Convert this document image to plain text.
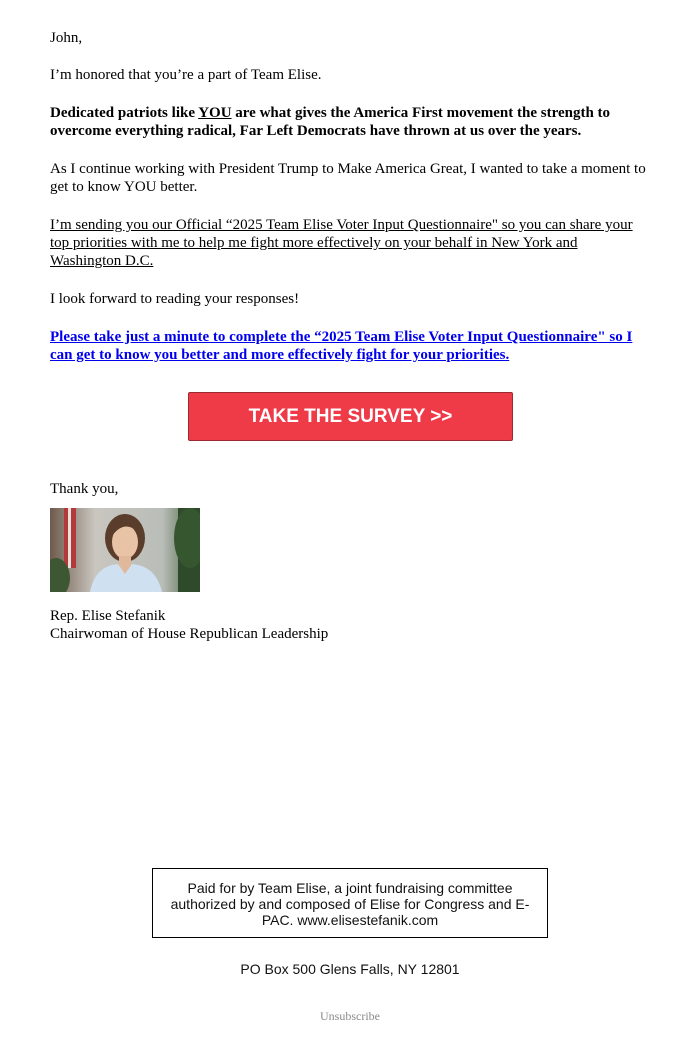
John,

I’m honored that you’re a part of Team Elise.

Dedicated patriots like YOU are what gives the America First movement the strength to overcome everything radical, Far Left Democrats have thrown at us over the years.

As I continue working with President Trump to Make America Great, I wanted to take a moment to get to know YOU better.

I’m sending you our Official “2025 Team Elise Voter Input Questionnaire" so you can share your top priorities with me to help me fight more effectively on your behalf in New York and Washington D.C.

I look forward to reading your responses!

Please take just a minute to complete the “2025 Team Elise Voter Input Questionnaire" so I can get to know you better and more effectively fight for your priorities.

TAKE THE SURVEY >>

Thank you,

Rep. Elise Stefanik

Chairwoman of House Republican Leadership

Paid for by Team Elise, a joint fundraising committee authorized by and composed of Elise for Congress and E-PAC. www.elisestefanik.com
PO Box 500 Glens Falls, NY 12801
Unsubscribe
